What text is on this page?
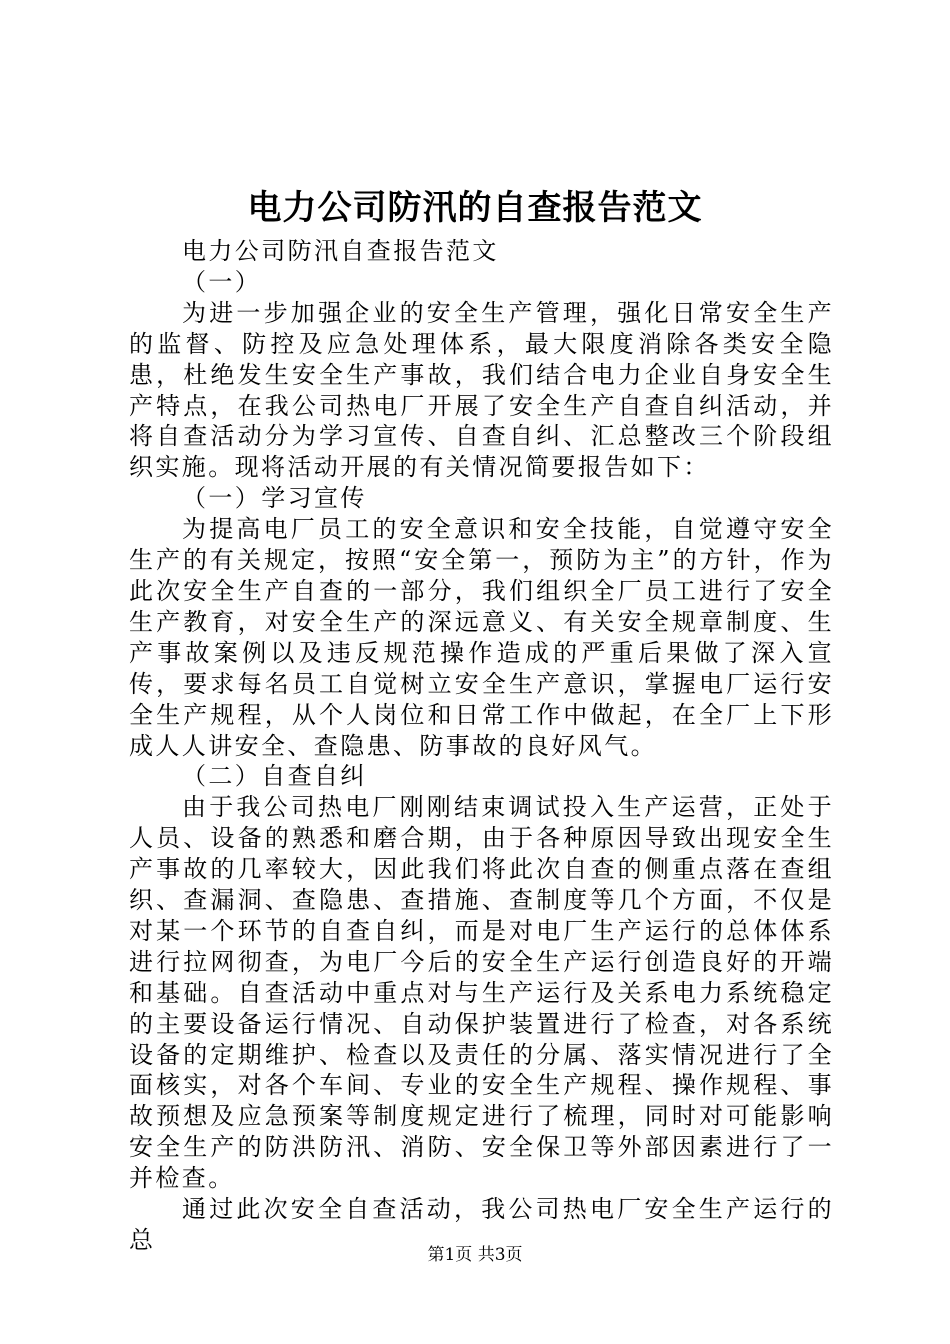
电力公司防汛的自查报告范文

电力公司防汛自查报告范文

（一）

为进一步加强企业的安全生产管理，强化日常安全生产的监督、防控及应急处理体系，最大限度消除各类安全隐患，杜绝发生安全生产事故，我们结合电力企业自身安全生产特点，在我公司热电厂开展了安全生产自查自纠活动，并将自查活动分为学习宣传、自查自纠、汇总整改三个阶段组织实施。现将活动开展的有关情况简要报告如下：

（一）学习宣传

为提高电厂员工的安全意识和安全技能，自觉遵守安全生产的有关规定，按照“安全第一，预防为主”的方针，作为此次安全生产自查的一部分，我们组织全厂员工进行了安全生产教育，对安全生产的深远意义、有关安全规章制度、生产事故案例以及违反规范操作造成的严重后果做了深入宣传，要求每名员工自觉树立安全生产意识，掌握电厂运行安全生产规程，从个人岗位和日常工作中做起，在全厂上下形成人人讲安全、查隐患、防事故的良好风气。

（二）自查自纠

由于我公司热电厂刚刚结束调试投入生产运营，正处于人员、设备的熟悉和磨合期，由于各种原因导致出现安全生产事故的几率较大，因此我们将此次自查的侧重点落在查组织、查漏洞、查隐患、查措施、查制度等几个方面，不仅是对某一个环节的自查自纠，而是对电厂生产运行的总体体系进行拉网彻查，为电厂今后的安全生产运行创造良好的开端和基础。自查活动中重点对与生产运行及关系电力系统稳定的主要设备运行情况、自动保护装置进行了检查，对各系统设备的定期维护、检查以及责任的分属、落实情况进行了全面核实，对各个车间、专业的安全生产规程、操作规程、事故预想及应急预案等制度规定进行了梳理，同时对可能影响安全生产的防洪防汛、消防、安全保卫等外部因素进行了一并检查。

通过此次安全自查活动，我公司热电厂安全生产运行的总

第1页 共3页
